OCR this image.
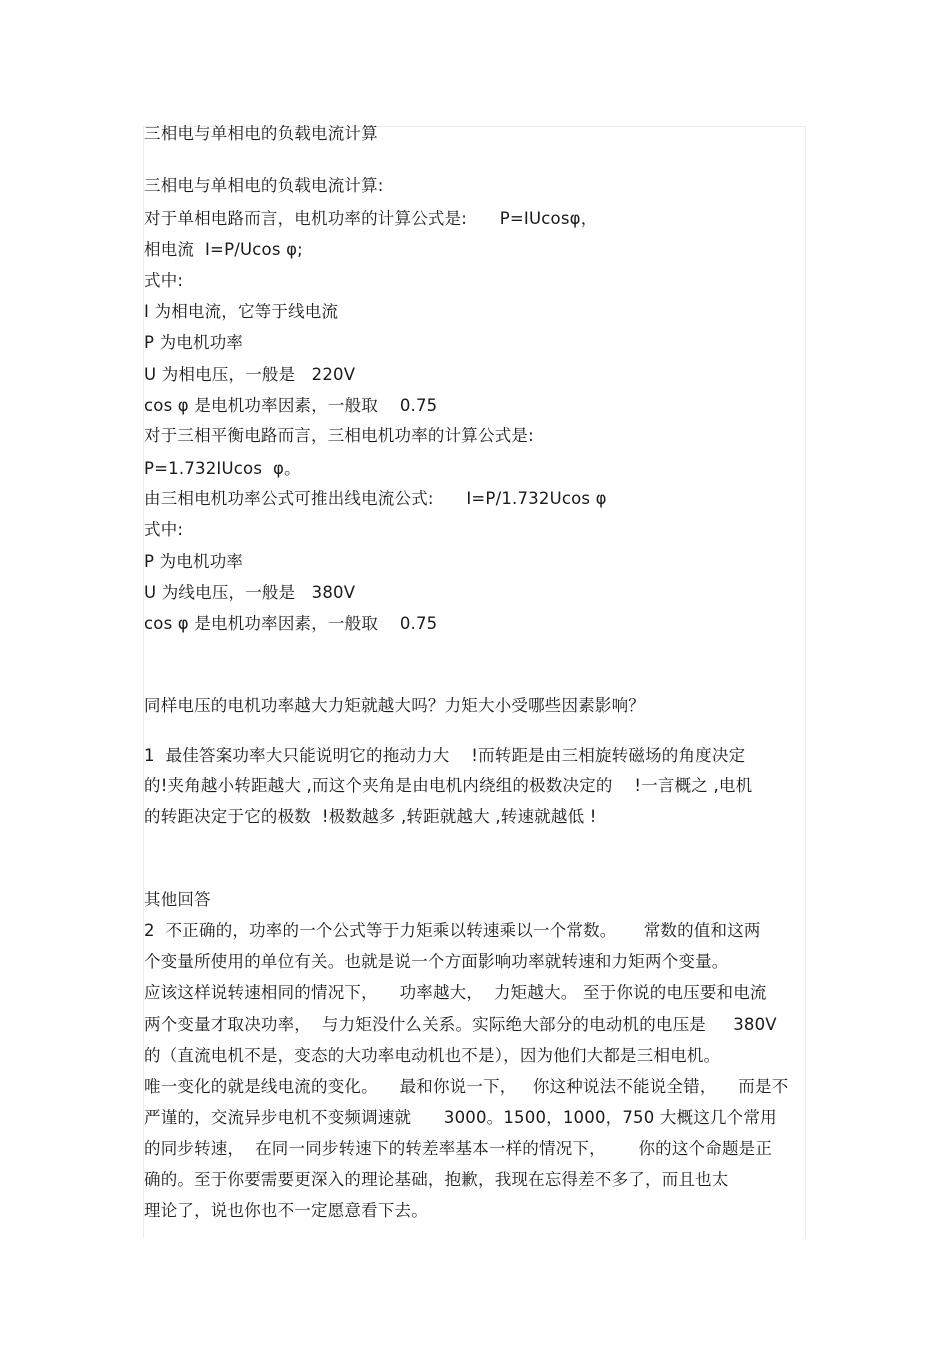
三相电与单相电的负载电流计算
三相电与单相电的负载电流计算:
对于单相电路而言，电机功率的计算公式是:      P=IUcosφ，
相电流  I=P/Ucos φ;
式中:
I 为相电流，它等于线电流
P 为电机功率
U 为相电压，一般是   220V
cos φ 是电机功率因素，一般取    0.75
对于三相平衡电路而言，三相电机功率的计算公式是:
P=1.732IUcos  φ。
由三相电机功率公式可推出线电流公式:      I=P/1.732Ucos φ
式中:
P 为电机功率
U 为线电压，一般是   380V
cos φ 是电机功率因素，一般取    0.75
同样电压的电机功率越大力矩就越大吗？力矩大小受哪些因素影响？
1  最佳答案功率大只能说明它的拖动力大    !而转距是由三相旋转磁场的角度决定
的!夹角越小转距越大 ,而这个夹角是由电机内绕组的极数决定的    !一言概之 ,电机
的转距决定于它的极数  !极数越多 ,转距就越大 ,转速就越低 !
其他回答
2  不正确的，功率的一个公式等于力矩乘以转速乘以一个常数。     常数的值和这两
个变量所使用的单位有关。也就是说一个方面影响功率就转速和力矩两个变量。
应该这样说转速相同的情况下，    功率越大，  力矩越大。 至于你说的电压要和电流
两个变量才取决功率，  与力矩没什么关系。实际绝大部分的电动机的电压是     380V
的（直流电机不是，变态的大功率电动机也不是），因为他们大都是三相电机。
唯一变化的就是线电流的变化。    最和你说一下，   你这种说法不能说全错，    而是不
严谨的，交流异步电机不变频调速就      3000。1500，1000，750 大概这几个常用
的同步转速，  在同一同步转速下的转差率基本一样的情况下，      你的这个命题是正
确的。至于你要需要更深入的理论基础，抱歉，我现在忘得差不多了，而且也太
理论了，说也你也不一定愿意看下去。
